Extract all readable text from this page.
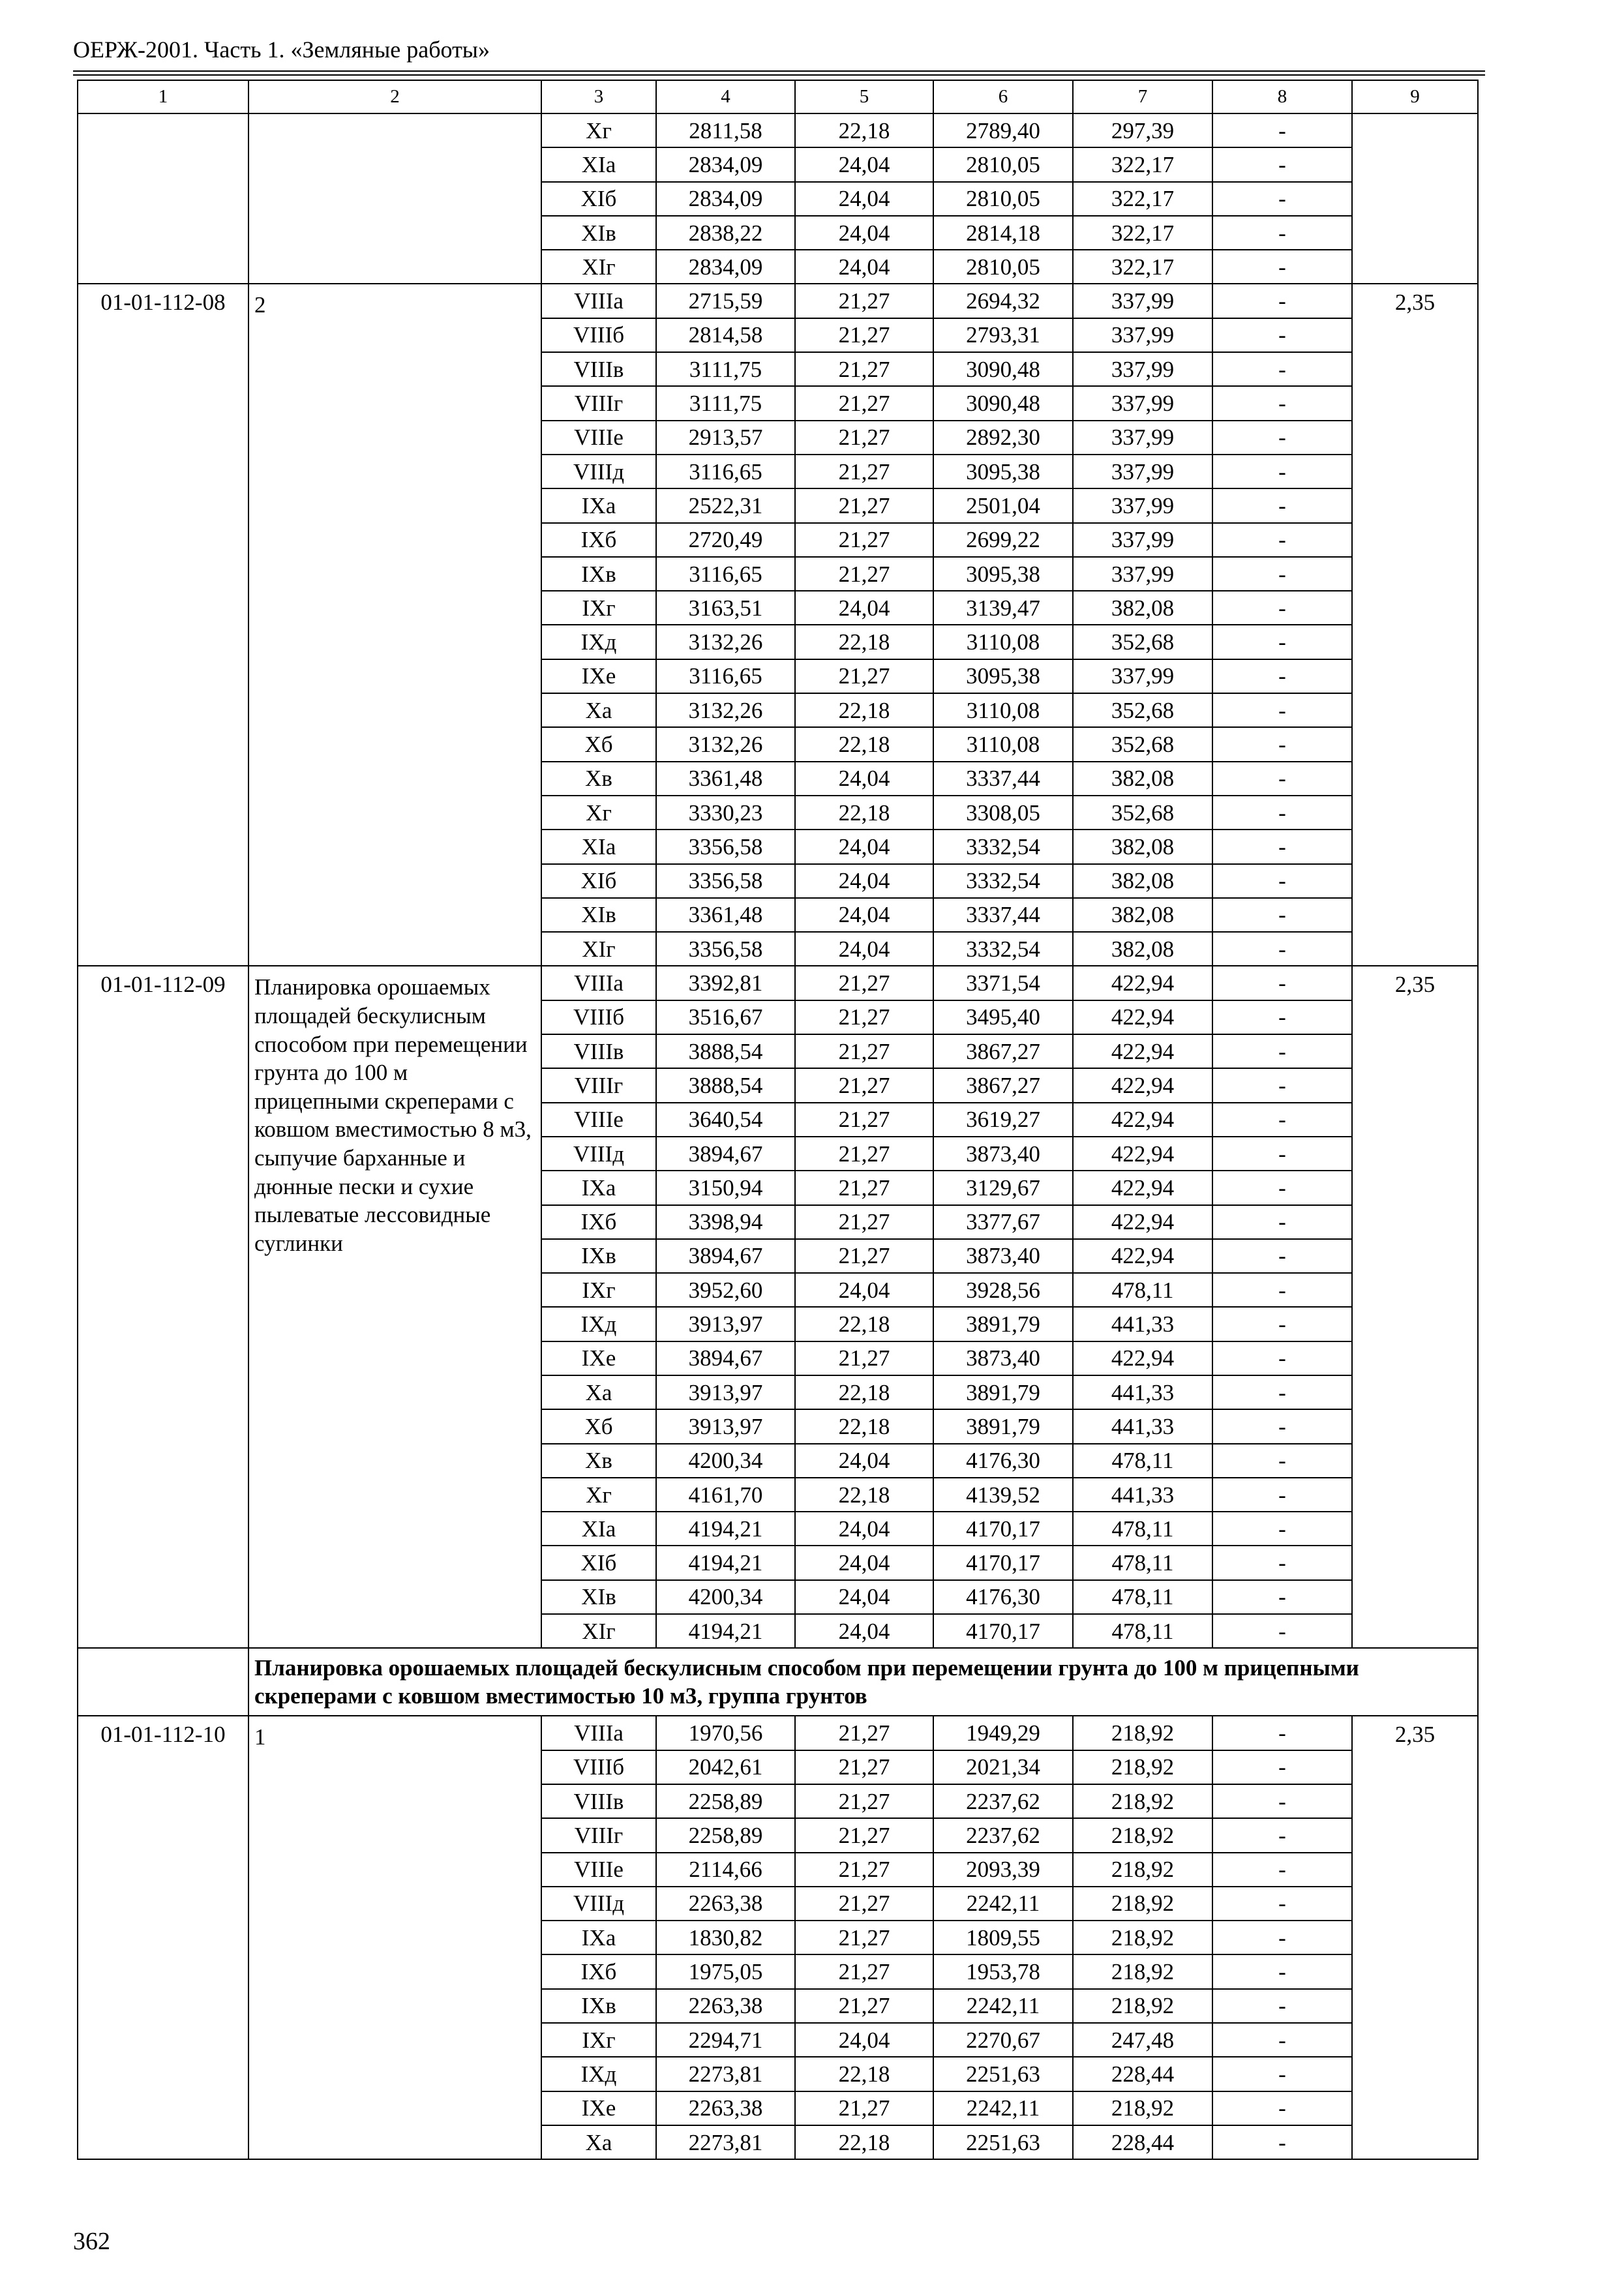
ОЕРЖ-2001. Часть 1. «Земляные работы»
1	2	3	4	5	6	7	8	9
		Xг	2811,58	22,18	2789,40	297,39	-	
		XIа	2834,09	24,04	2810,05	322,17	-	
		XIб	2834,09	24,04	2810,05	322,17	-	
		XIв	2838,22	24,04	2814,18	322,17	-	
		XIг	2834,09	24,04	2810,05	322,17	-	
01-01-112-08	2	VIIIа	2715,59	21,27	2694,32	337,99	-	2,35
		VIIIб	2814,58	21,27	2793,31	337,99	-	
		VIIIв	3111,75	21,27	3090,48	337,99	-	
		VIIIг	3111,75	21,27	3090,48	337,99	-	
		VIIIе	2913,57	21,27	2892,30	337,99	-	
		VIIIд	3116,65	21,27	3095,38	337,99	-	
		IXа	2522,31	21,27	2501,04	337,99	-	
		IXб	2720,49	21,27	2699,22	337,99	-	
		IXв	3116,65	21,27	3095,38	337,99	-	
		IXг	3163,51	24,04	3139,47	382,08	-	
		IXд	3132,26	22,18	3110,08	352,68	-	
		IXе	3116,65	21,27	3095,38	337,99	-	
		Xа	3132,26	22,18	3110,08	352,68	-	
		Xб	3132,26	22,18	3110,08	352,68	-	
		Xв	3361,48	24,04	3337,44	382,08	-	
		Xг	3330,23	22,18	3308,05	352,68	-	
		XIа	3356,58	24,04	3332,54	382,08	-	
		XIб	3356,58	24,04	3332,54	382,08	-	
		XIв	3361,48	24,04	3337,44	382,08	-	
		XIг	3356,58	24,04	3332,54	382,08	-	
01-01-112-09	Планировка орошаемых площадей бескулисным способом при перемещении грунта до 100 м прицепными скреперами с ковшом вместимостью 8 м3, сыпучие барханные и дюнные пески и сухие пылеватые лессовидные суглинки	VIIIа	3392,81	21,27	3371,54	422,94	-	2,35
		VIIIб	3516,67	21,27	3495,40	422,94	-	
		VIIIв	3888,54	21,27	3867,27	422,94	-	
		VIIIг	3888,54	21,27	3867,27	422,94	-	
		VIIIе	3640,54	21,27	3619,27	422,94	-	
		VIIIд	3894,67	21,27	3873,40	422,94	-	
		IXа	3150,94	21,27	3129,67	422,94	-	
		IXб	3398,94	21,27	3377,67	422,94	-	
		IXв	3894,67	21,27	3873,40	422,94	-	
		IXг	3952,60	24,04	3928,56	478,11	-	
		IXд	3913,97	22,18	3891,79	441,33	-	
		IXе	3894,67	21,27	3873,40	422,94	-	
		Xа	3913,97	22,18	3891,79	441,33	-	
		Xб	3913,97	22,18	3891,79	441,33	-	
		Xв	4200,34	24,04	4176,30	478,11	-	
		Xг	4161,70	22,18	4139,52	441,33	-	
		XIа	4194,21	24,04	4170,17	478,11	-	
		XIб	4194,21	24,04	4170,17	478,11	-	
		XIв	4200,34	24,04	4176,30	478,11	-	
		XIг	4194,21	24,04	4170,17	478,11	-	
	Планировка орошаемых площадей бескулисным способом при перемещении грунта до 100 м прицепными скреперами с ковшом вместимостью 10 м3, группа грунтов							
01-01-112-10	1	VIIIа	1970,56	21,27	1949,29	218,92	-	2,35
		VIIIб	2042,61	21,27	2021,34	218,92	-	
		VIIIв	2258,89	21,27	2237,62	218,92	-	
		VIIIг	2258,89	21,27	2237,62	218,92	-	
		VIIIе	2114,66	21,27	2093,39	218,92	-	
		VIIIд	2263,38	21,27	2242,11	218,92	-	
		IXа	1830,82	21,27	1809,55	218,92	-	
		IXб	1975,05	21,27	1953,78	218,92	-	
		IXв	2263,38	21,27	2242,11	218,92	-	
		IXг	2294,71	24,04	2270,67	247,48	-	
		IXд	2273,81	22,18	2251,63	228,44	-	
		IXе	2263,38	21,27	2242,11	218,92	-	
		Xа	2273,81	22,18	2251,63	228,44	-	
362
